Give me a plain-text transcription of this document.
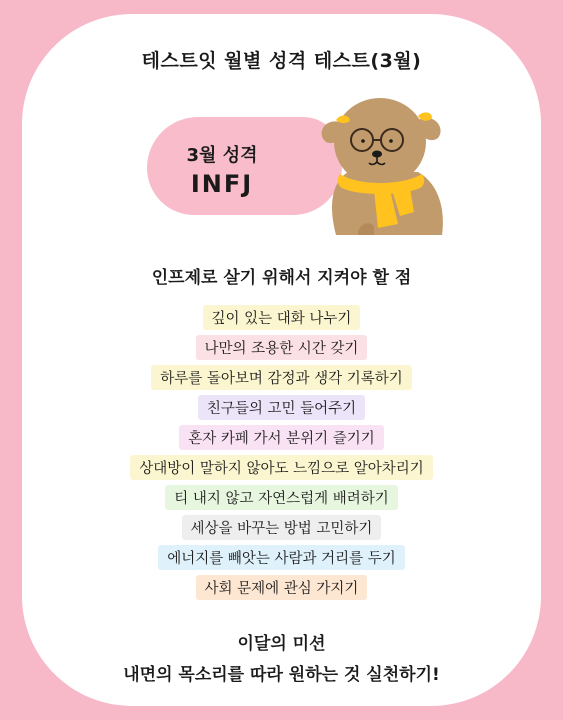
테스트잇 월별 성격 테스트(3월)
3월 성격
INFJ
인프제로 살기 위해서 지켜야 할 점
깊이 있는 대화 나누기
나만의 조용한 시간 갖기
하루를 돌아보며 감정과 생각 기록하기
친구들의 고민 들어주기
혼자 카페 가서 분위기 즐기기
상대방이 말하지 않아도 느낌으로 알아차리기
티 내지 않고 자연스럽게 배려하기
세상을 바꾸는 방법 고민하기
에너지를 빼앗는 사람과 거리를 두기
사회 문제에 관심 가지기
이달의 미션
내면의 목소리를 따라 원하는 것 실천하기!
